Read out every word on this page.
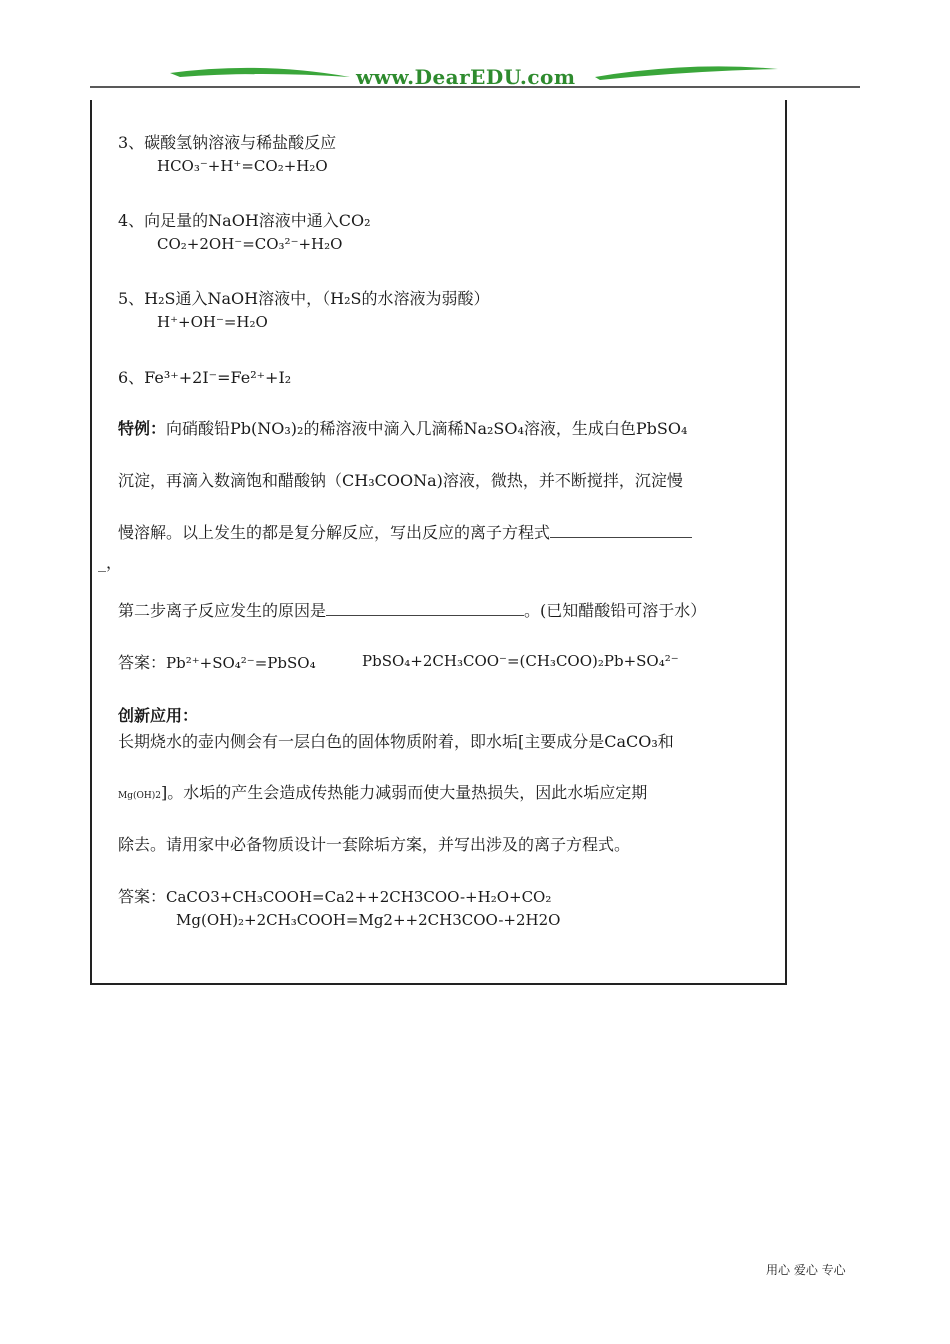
www.DearEDU.com
3、碳酸氢钠溶液与稀盐酸反应
HCO₃⁻+H⁺=CO₂+H₂O
4、向足量的NaOH溶液中通入CO₂
CO₂+2OH⁻=CO₃²⁻+H₂O
5、H₂S通入NaOH溶液中，（H₂S的水溶液为弱酸）
H⁺+OH⁻=H₂O
6、Fe³⁺+2I⁻=Fe²⁺+I₂
特例：向硝酸铅Pb(NO₃)₂的稀溶液中滴入几滴稀Na₂SO₄溶液，生成白色PbSO₄
沉淀，再滴入数滴饱和醋酸钠（CH₃COONa)溶液，微热，并不断搅拌，沉淀慢
慢溶解。以上发生的都是复分解反应，写出反应的离子方程式
_，
第二步离子反应发生的原因是	。(已知醋酸铅可溶于水）
答案：Pb²⁺+SO₄²⁻=PbSO₄	PbSO₄+2CH₃COO⁻=(CH₃COO)₂Pb+SO₄²⁻
创新应用：
长期烧水的壶内侧会有一层白色的固体物质附着，即水垢[主要成分是CaCO₃和
Mg(OH)2]。水垢的产生会造成传热能力减弱而使大量热损失，因此水垢应定期
除去。请用家中必备物质设计一套除垢方案，并写出涉及的离子方程式。
答案：CaCO3+CH₃COOH=Ca2++2CH3COO-+H₂O+CO₂
Mg(OH)₂+2CH₃COOH=Mg2++2CH3COO-+2H2O
用心 爱心 专心
